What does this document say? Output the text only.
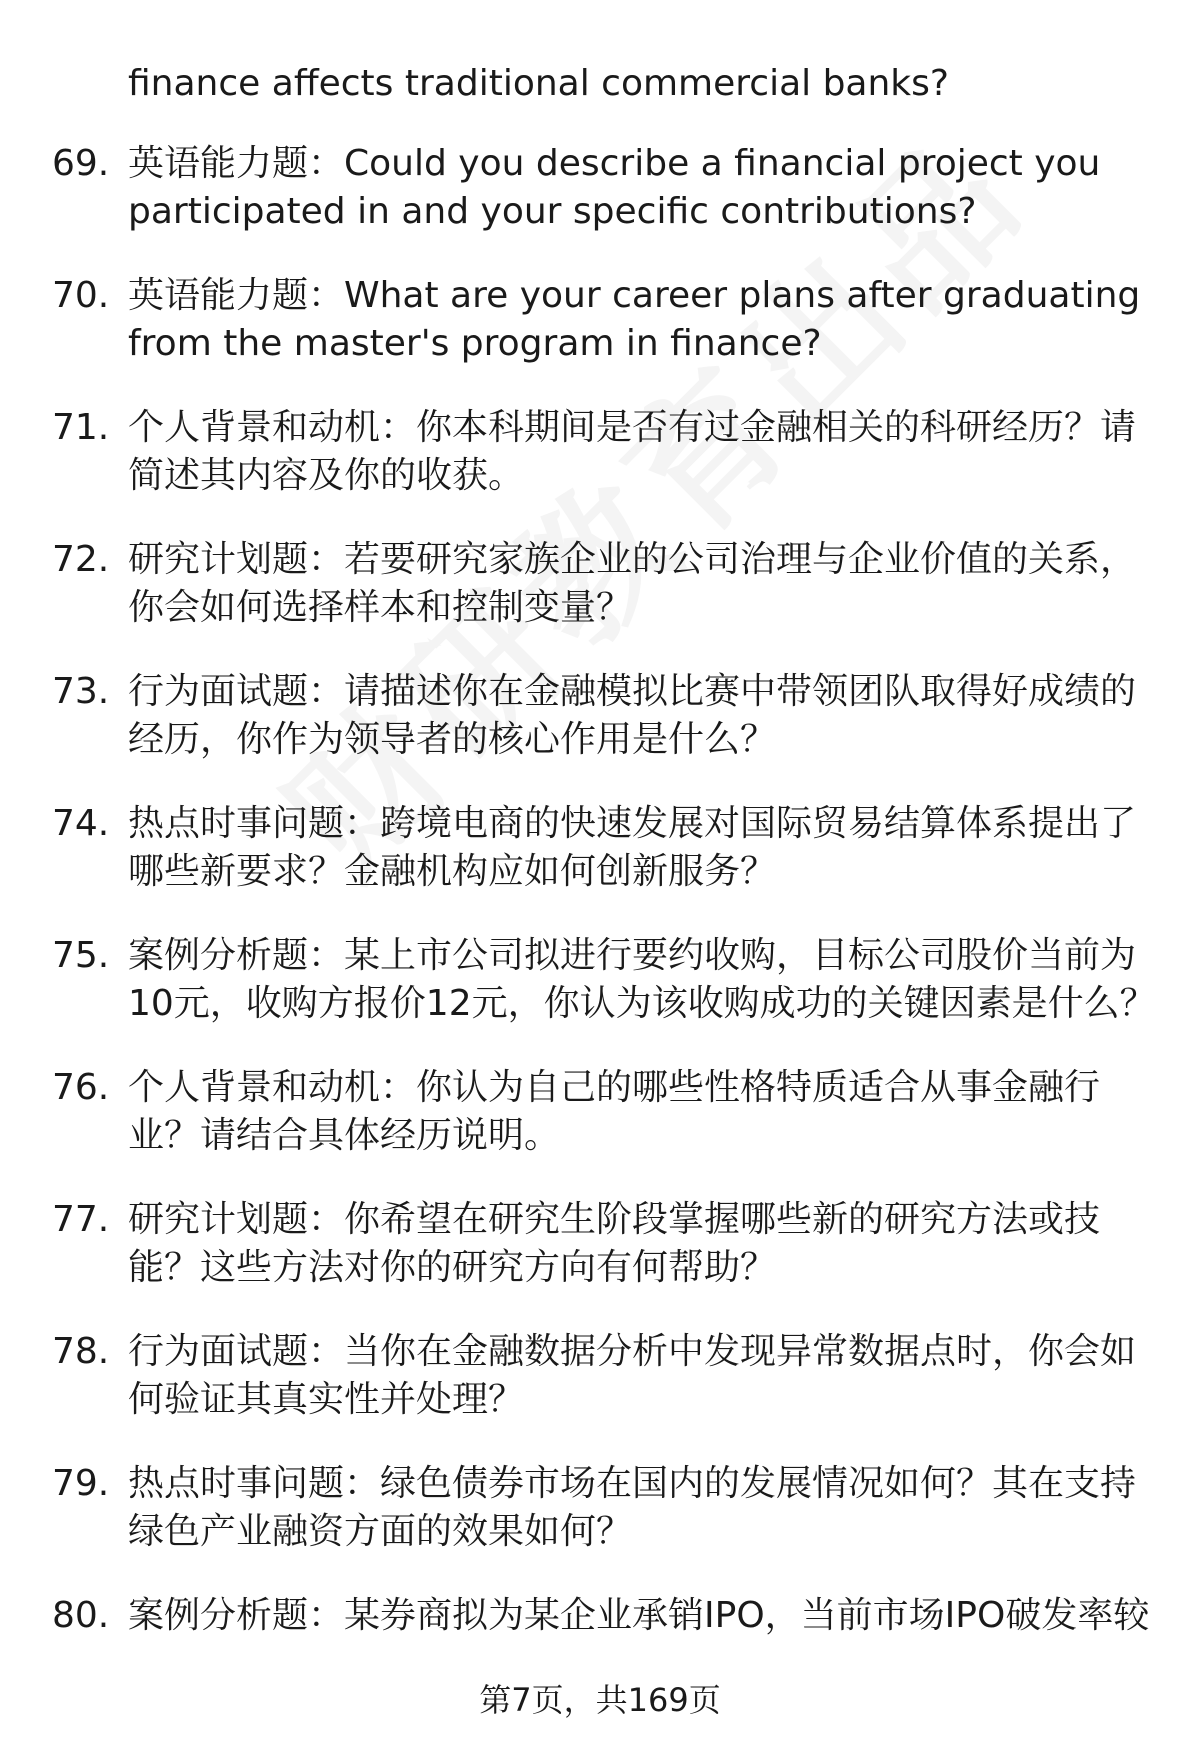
finance affects traditional commercial banks?
69. 英语能力题：Could you describe a financial project you
participated in and your specific contributions?
70. 英语能力题：What are your career plans after graduating
from the master's program in finance?
71. 个人背景和动机：你本科期间是否有过金融相关的科研经历？请
简述其内容及你的收获。
72. 研究计划题：若要研究家族企业的公司治理与企业价值的关系，
你会如何选择样本和控制变量？
73. 行为面试题：请描述你在金融模拟比赛中带领团队取得好成绩的
经历，你作为领导者的核心作用是什么？
74. 热点时事问题：跨境电商的快速发展对国际贸易结算体系提出了
哪些新要求？金融机构应如何创新服务？
75. 案例分析题：某上市公司拟进行要约收购，目标公司股价当前为
10元，收购方报价12元，你认为该收购成功的关键因素是什么？
76. 个人背景和动机：你认为自己的哪些性格特质适合从事金融行
业？请结合具体经历说明。
77. 研究计划题：你希望在研究生阶段掌握哪些新的研究方法或技
能？这些方法对你的研究方向有何帮助？
78. 行为面试题：当你在金融数据分析中发现异常数据点时，你会如
何验证其真实性并处理？
79. 热点时事问题：绿色债券市场在国内的发展情况如何？其在支持
绿色产业融资方面的效果如何？
80. 案例分析题：某券商拟为某企业承销IPO，当前市场IPO破发率较
第7页，共169页
